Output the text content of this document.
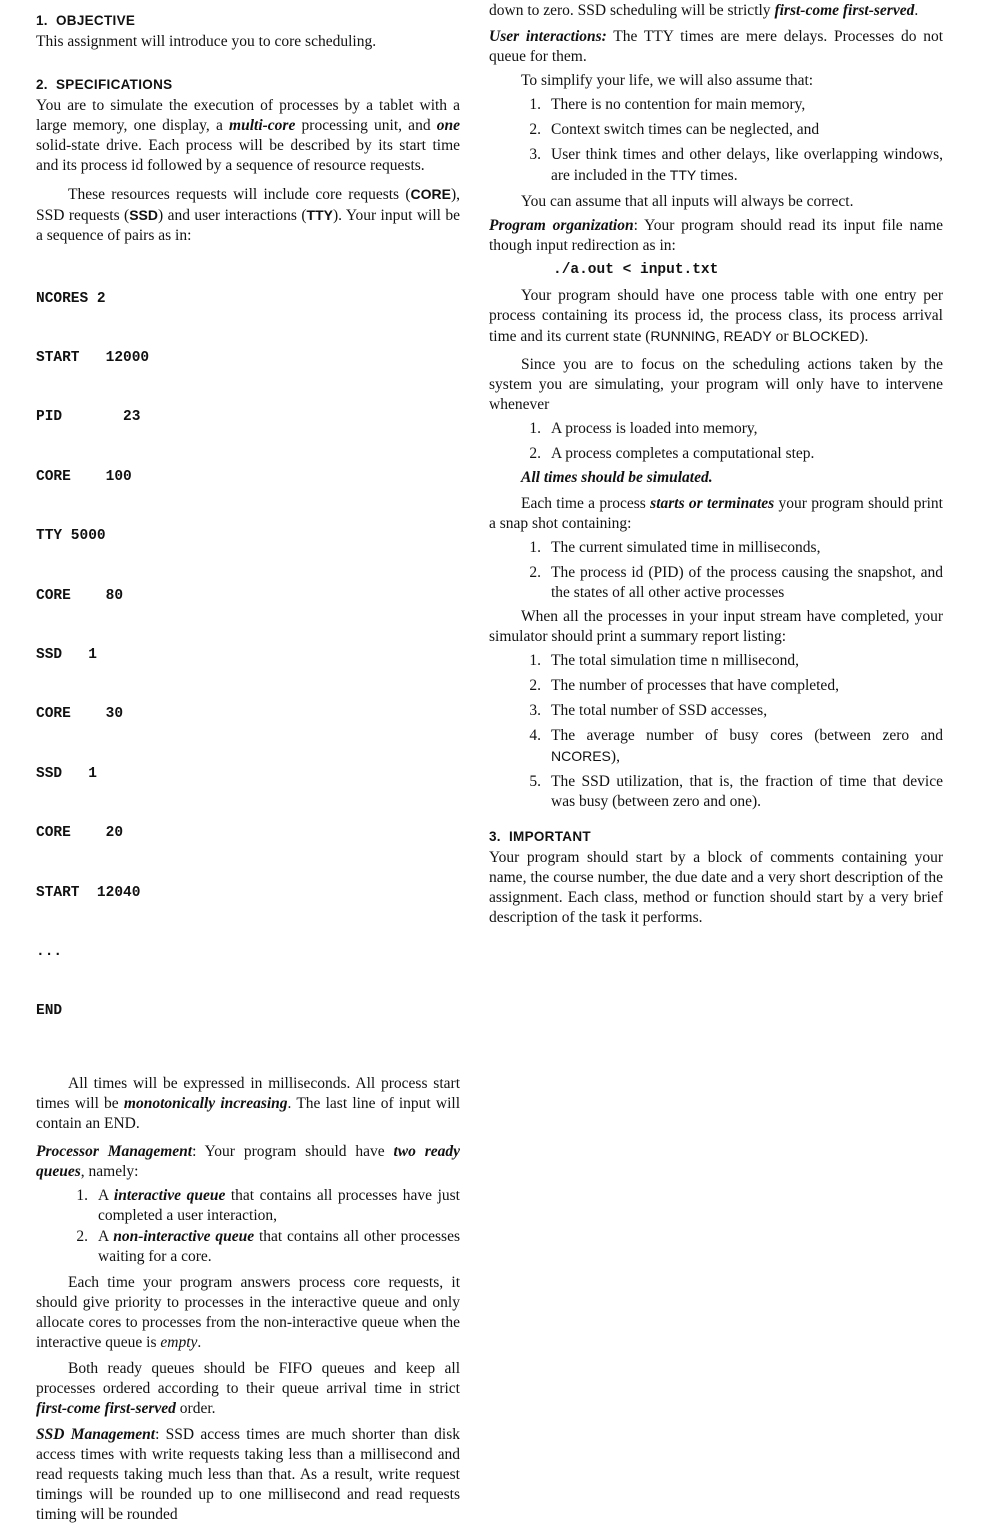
1. OBJECTIVE

This assignment will introduce you to core scheduling.

2. SPECIFICATIONS

You are to simulate the execution of processes by a tablet with a large memory, one display, a multi-core processing unit, and one solid-state drive. Each process will be described by its start time and its process id followed by a sequence of resource requests.

These resources requests will include core requests (CORE), SSD requests (SSD) and user interactions (TTY). Your input will be a sequence of pairs as in:

NCORES 2

START   12000

PID       23

CORE    100

TTY 5000

CORE    80

SSD   1

CORE    30

SSD   1

CORE    20

START  12040

...

END

All times will be expressed in milliseconds. All process start times will be monotonically increasing. The last line of input will contain an END.

Processor Management: Your program should have two ready queues, namely:

1. A interactive queue that contains all processes have just completed a user interaction,
2. A non-interactive queue that contains all other processes waiting for a core.

Each time your program answers process core requests, it should give priority to processes in the interactive queue and only allocate cores to processes from the non-interactive queue when the interactive queue is empty.

Both ready queues should be FIFO queues and keep all processes ordered according to their queue arrival time in strict first-come first-served order.

SSD Management: SSD access times are much shorter than disk access times with write requests taking less than a millisecond and read requests taking much less than that. As a result, write request timings will be rounded up to one millisecond and read requests timing will be rounded

down to zero. SSD scheduling will be strictly first-come first-served.

User interactions: The TTY times are mere delays. Processes do not queue for them.

To simplify your life, we will also assume that:

1. There is no contention for main memory,
2. Context switch times can be neglected, and
3. User think times and other delays, like overlapping windows, are included in the TTY times.

You can assume that all inputs will always be correct.

Program organization: Your program should read its input file name though input redirection as in:

./a.out < input.txt

Your program should have one process table with one entry per process containing its process id, the process class, its process arrival time and its current state (RUNNING, READY or BLOCKED).

Since you are to focus on the scheduling actions taken by the system you are simulating, your program will only have to intervene whenever

1. A process is loaded into memory,
2. A process completes a computational step.

All times should be simulated.

Each time a process starts or terminates your program should print a snap shot containing:

1. The current simulated time in milliseconds,
2. The process id (PID) of the process causing the snapshot, and the states of all other active processes

When all the processes in your input stream have completed, your simulator should print a summary report listing:

1. The total simulation time n millisecond,
2. The number of processes that have completed,
3. The total number of SSD accesses,
4. The average number of busy cores (between zero and NCORES),
5. The SSD utilization, that is, the fraction of time that device was busy (between zero and one).
3. IMPORTANT

Your program should start by a block of comments containing your name, the course number, the due date and a very short description of the assignment. Each class, method or function should start by a very brief description of the task it performs.
